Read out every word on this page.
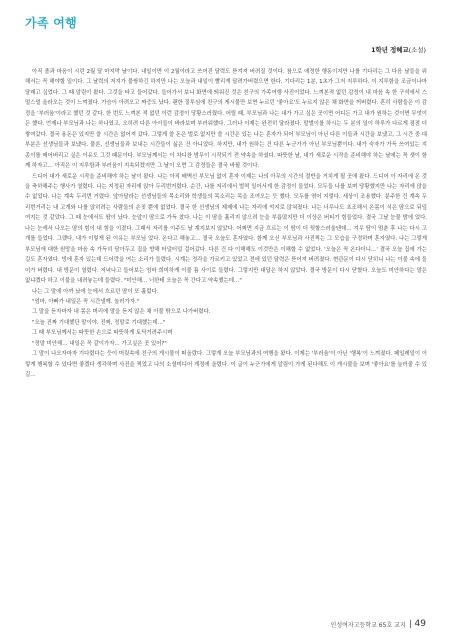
가족 여행
1학년 정혜교(소설)

아직 졸과 마음이 시린 2월 달 마지막 날이다. 내일이면 이 2월이라고 쓰여진 달력도 뜯겨져 버려질 것이다. 참으로 애정한 행동이지만 나를 기다리는 그 다음 날들을 위해서는 꼭 해야할 일이다. 그 날력의 저지가 불쌍하긴 하지만 나는 오늘과 내일이 빨리게 달려가버렸으면 한다. 기다리는 1분, 1초가 그저 지루하다. 이 지루함을 조금이나마 달래고 싶었다. 그 때 알림이 왔다. 그것을 타고 들어갔다. 들어가서 보니 화면에 띄워진 것은 친구의 가족여행 사진이었다. 느껴본적 없던 감정이 내 마음 속 한 구석에서 스멀스멀 올라오는 것이 느껴졌다. 가슴이 아려오고 짜증도 났다. 괜한 질투심에 친구의 게시물만 보면 누르던 '좋아요'도 누르지 않은 채 화면을 꺼버렸다. 혼히 사람들은 이 감정을 '부러움'이라고 했던 것 같다. 한 번도 느껴본 적 없던 이런 감정이 당황스러웠다. 어릴 때, 부모님과 나는 내가 가고 싶은 곳이면 어디든 가고 내가 원하는 것이면 무엇이든 했다. 언제나 부모님과 나는 하나였고, 오히려 다른 아이들이 바라보며 부러워했다. 그러나 이제는 완전히 달라졌다. 말벌이를 하시는 두 분의 일이 하루가 다르게 점점 더 쌓여갔다. 결국 용돈은 있지만 쓸 시간은 없어져 갔다. 그렇게 쓸 돈은 벌로 없지만 쓸 시간은 있는 나는 혼자가 되어 부모님이 아닌 다른 이들과 시간을 보냈고, 그 시간 중 대부분은 선생님들과 보냈다. 물론, 선생님들과 보내는 시간들이 싫은 건 아니었다. 하지만, 내가 원하는 건 다른 누군가가 아닌 부모님뿐이다. 내가 숙자가 가득 쓰여있는 지 종이를 매어버리고 싶은 이유도 그것 때문이다. 부모님께서는 이 차디찬 밤무이 시작되기 전 약속을 하셨다. 따뜻한 날, 내가 새로운 시작을 준비해야 하는 날에는 꼭 셋이 함께 하자고… 아직은 이 지루함과 부러움이 지속되겠지만 그 날이 오면 그 감정들은 결국 바뀔 것이다.

드디어 내가 새로운 시작을 준비해야 하는 날이 왔다. 나는 아직 배벽신 부모님 없이 혼자 이제는 나의 아무의 시간의 절반을 거치게 될 곳에 왔다. 드디어 이 자리에 온 것을 축하해주는 행사가 열렸다. 나는 지정된 자리에 앉아 두리번거렸다. 순간, 나를 저리에서 벌떡 일어서게 한 감정이 들었다. 모두들 나를 보며 당황했지만 나는 자리에 앉을 수 없었다. 나는 계속 두리번 거렸다. 앞아달라는 선생님들의 목소리와 학생들의 목소리는 목을 조여오는 듯 했다. 모두를 엮어 지렇다. 세상이 조용했다. 분주한 건 계속 두리번거리는 내 고개와 나를 앉히려는 사람들의 손짓 뿐에 없었다. 결국 한 선생님의 제제에 나는 자리에 억지로 앉혀졌다. 나는 너무나도 초조해서 온몸이 식은 땀으로 뒤덮여지는 것 같았다. 그 때 눈에서도 땀이 났다. 눈앞이 땀으로 가득 찼다. 나는 이 땀을 흘리지 않으려 눈을 부릅떴지만 더 이상은 버티기 힘들었다. 결국 그날 눈물 밤에 었다. 나는 눈에서 나오는 땀의 힘이 내 힘을 이겼다. 그래서 자리를 이주도 날 계지보지 않았다. 어쩌면 지금 흐르는 이 땀이 더 뒷할스러울텐데… 겨우 땀이 멈춘 후 나는 다시 고개를 들었다. 그랬다, 내가 이렇게 된 이유는 부모님 었다. 온다고 해놓고… 결국 오늘도 혼자였다. 함께 오신 부모님과 사진찍는 그 모습을 구경하며 혼자였다. 나는 그렇게 부모님에 대한 원망을 마음 속 가득히 담아두고 집을 향해 터덜터덜 걸어갔다. 다른 건 다 이해해도 이것만은 이해할 수 없었다. '오늘은 꼭 온다더니…' 결국 오늘 집에 가는 길도 혼자였다. 빙에 혼자 있는데 드어락을 여는 소리가 들렸다. 시계는 정각을 가르키고 있었고 전에 있던 달력은 뜯어져 버려졌다. 현관문이 다시 닫히니 나는 이불 속에 들어가 버렸다. 내 방문이 열렸다. 저녁나고 들어보는 엄마 희미하게 이불 틈 사이로 들렸다. 그렇지만 대답은 하지 않았다. 결국 방문이 다시 닫혔다. 오늘도 미안하다는 말은 없냐겠다 하고 이불을 내려놓는데 들렸다. "미안해… 너한테 오늘은 꼭 간다고 약속했는데…"

나는 그 말에 아까 났에 눈에서 흐르던 땀이 또 흘렀다.

"엄마, 아빠가 내일은 꼭 시간낼께. 놀러가자."

그 말을 듣자마자 내 몸은 머리에 말을 듣지 않은 채 이불 밖으로 나가버렸다.

"오늘 진짜 기대했단 말이야. 진짜, 정말로 기대했는데…"

그 때 부모님께서는 따뜻한 손으로 따뜻하게 토닥거려주시며

"정말 미안해… 내일은 꼭 같이가자… 가고싶은 곳 있어?"

그 말이 나오자마자 기다렸다는 듯이 머릿속에 친구의 게시물이 떠올랐다. 그렇게 오늘 부모님과의 여행을 왔다. 이제는 '부러움'이 아닌 '행복'이 느껴졌다. 페일레일이 이렇게 행복할 수 있다면 좋겠다 생각하며 사진을 찍었고 나의 소셜미디어 게정에 올렸다. 이 글이 누군가에게 알림이 가게 된다해도 이 게시물을 보며 '좋아요'를 눌러줄 수 있길…

인성여자고등학교 65호 교지 49
